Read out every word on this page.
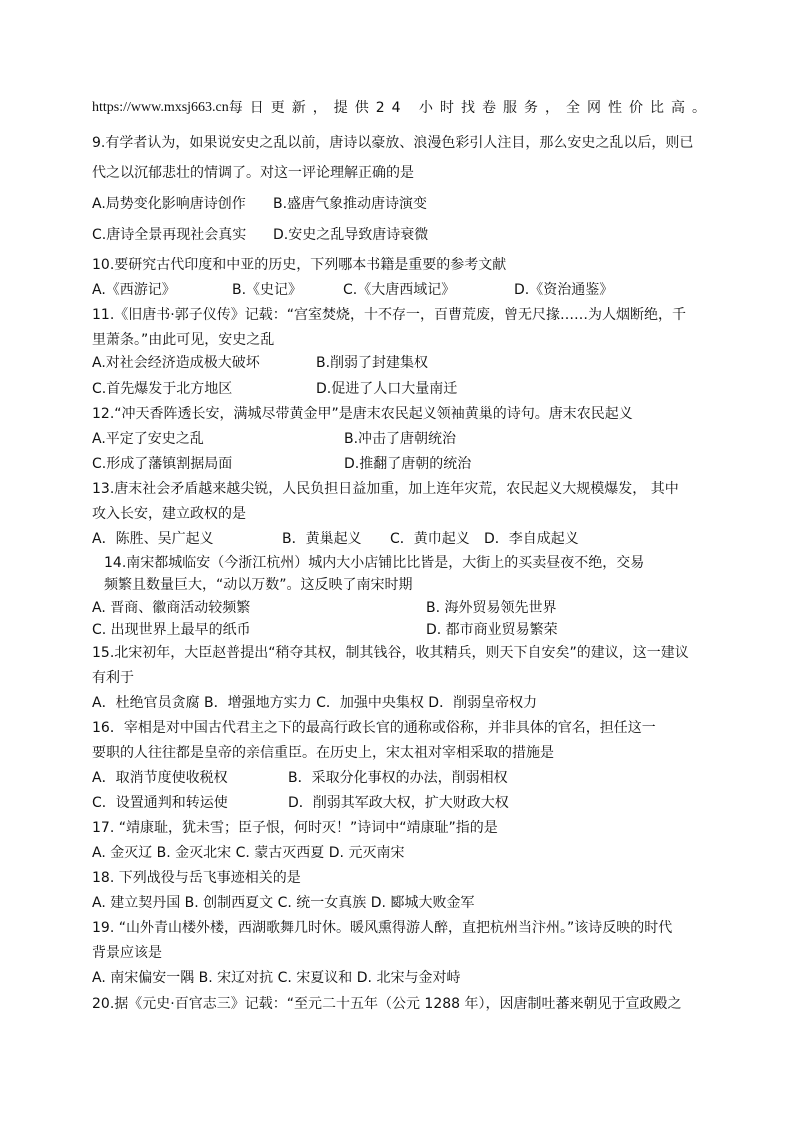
https://www.mxsj663.cn 每日更新，提供24 小时找卷服务，全网性价比高。
9.有学者认为，如果说安史之乱以前，唐诗以豪放、浪漫色彩引人注目，那么安史之乱以后，则已
代之以沉郁悲壮的情调了。对这一评论理解正确的是
A.局势变化影响唐诗创作 B.盛唐气象推动唐诗演变
C.唐诗全景再现社会真实 D.安史之乱导致唐诗衰微
10.要研究古代印度和中亚的历史，下列哪本书籍是重要的参考文献
A.《西游记》	B.《史记》	C.《大唐西域记》	D.《资治通鉴》
11.《旧唐书·郭子仪传》记载：“宫室焚烧，十不存一，百曹荒废，曾无尺掾……为人烟断绝，千
里萧条。”由此可见，安史之乱
A.对社会经济造成极大破坏	B.削弱了封建集权
C.首先爆发于北方地区	D.促进了人口大量南迁
12.“冲天香阵透长安，满城尽带黄金甲”是唐末农民起义领袖黄巢的诗句。唐末农民起义
A.平定了安史之乱	B.冲击了唐朝统治
C.形成了藩镇割据局面	D.推翻了唐朝的统治
13.唐末社会矛盾越来越尖锐，人民负担日益加重，加上连年灾荒，农民起义大规模爆发， 其中
攻入长安，建立政权的是
A．陈胜、吴广起义	B．黄巢起义 C．黄巾起义 D．李自成起义
14.南宋都城临安（今浙江杭州）城内大小店铺比比皆是，大街上的买卖昼夜不绝，交易
频繁且数量巨大，“动以万数”。这反映了南宋时期
A. 晋商、徽商活动较频繁	B. 海外贸易领先世界
C. 出现世界上最早的纸币	D. 都市商业贸易繁荣
15.北宋初年，大臣赵普提出“稍夺其权，制其钱谷，收其精兵，则天下自安矣”的建议，这一建议
有利于
A．杜绝官员贪腐 B．增强地方实力 C．加强中央集权 D．削弱皇帝权力
16．宰相是对中国古代君主之下的最高行政长官的通称或俗称，并非具体的官名，担任这一
要职的人往往都是皇帝的亲信重臣。在历史上，宋太祖对宰相采取的措施是
A．取消节度使收税权	B．采取分化事权的办法，削弱相权
C．设置通判和转运使	D．削弱其军政大权，扩大财政大权
17. “靖康耻，犹未雪；臣子恨，何时灭！”诗词中“靖康耻”指的是
A. 金灭辽 B. 金灭北宋 C. 蒙古灭西夏 D. 元灭南宋
18. 下列战役与岳飞事迹相关的是
A. 建立契丹国 B. 创制西夏文 C. 统一女真族 D. 郾城大败金军
19. “山外青山楼外楼，西湖歌舞几时休。暖风熏得游人醉，直把杭州当汴州。”该诗反映的时代
背景应该是
A. 南宋偏安一隅 B. 宋辽对抗 C. 宋夏议和 D. 北宋与金对峙
20.据《元史·百官志三》记载：“至元二十五年（公元 1288 年），因唐制吐蕃来朝见于宣政殿之
